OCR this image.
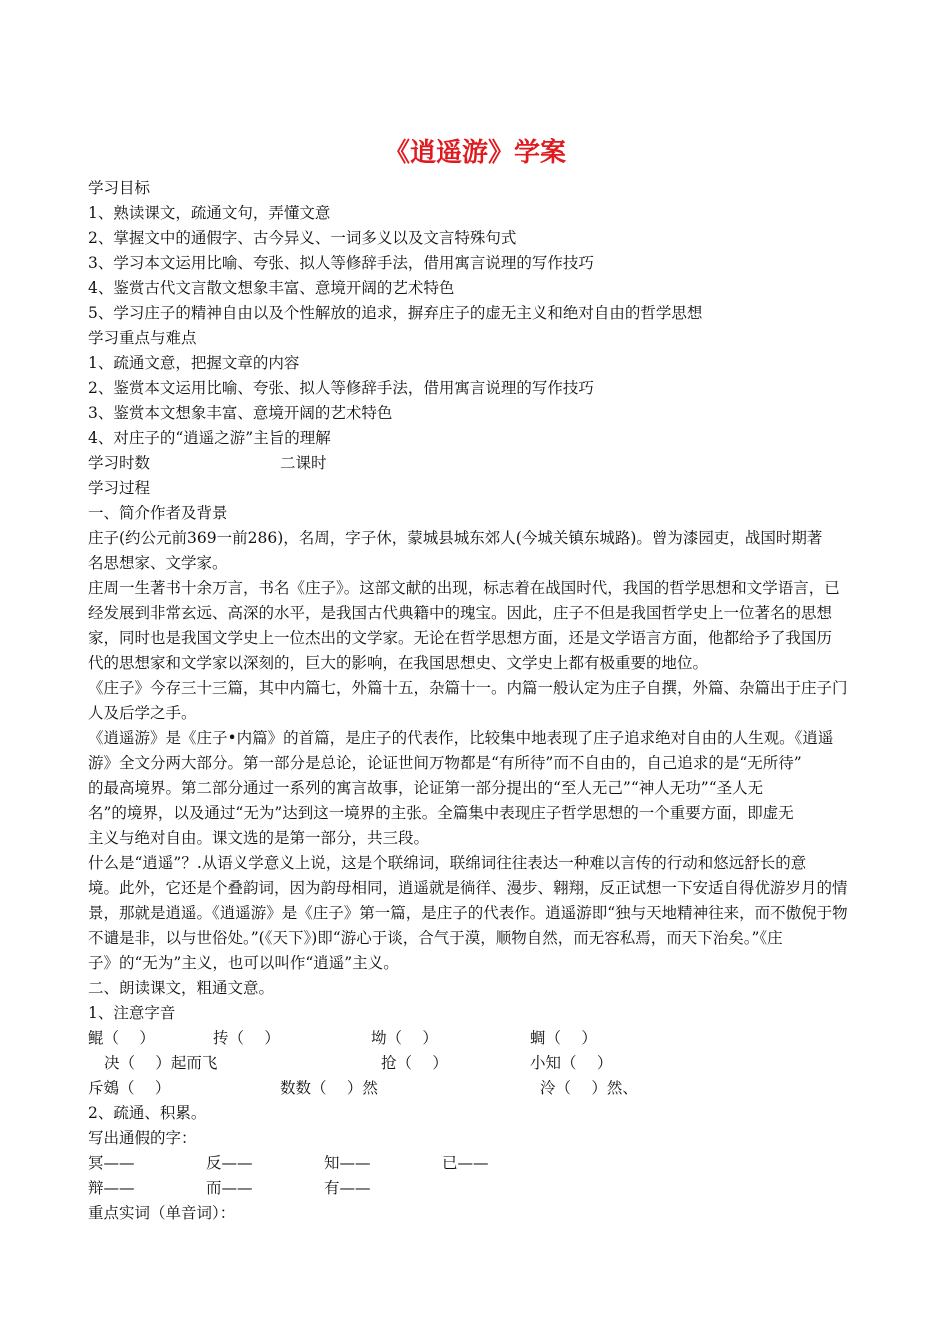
《逍遥游》学案
学习目标
1、熟读课文，疏通文句，弄懂文意
2、掌握文中的通假字、古今异义、一词多义以及文言特殊句式
3、学习本文运用比喻、夸张、拟人等修辞手法，借用寓言说理的写作技巧
4、鉴赏古代文言散文想象丰富、意境开阔的艺术特色
5、学习庄子的精神自由以及个性解放的追求，摒弃庄子的虚无主义和绝对自由的哲学思想
学习重点与难点
1、疏通文意，把握文章的内容
2、鉴赏本文运用比喻、夸张、拟人等修辞手法，借用寓言说理的写作技巧
3、鉴赏本文想象丰富、意境开阔的艺术特色
4、对庄子的“逍遥之游”主旨的理解
学习时数	二课时
学习过程
一、简介作者及背景
庄子(约公元前369一前286)，名周，字子休，蒙城县城东郊人(今城关镇东城路)。曾为漆园吏，战国时期著
名思想家、文学家。
庄周一生著书十余万言，书名《庄子》。这部文献的出现，标志着在战国时代，我国的哲学思想和文学语言，已
经发展到非常玄远、高深的水平，是我国古代典籍中的瑰宝。因此，庄子不但是我国哲学史上一位著名的思想
家，同时也是我国文学史上一位杰出的文学家。无论在哲学思想方面，还是文学语言方面，他都给予了我国历
代的思想家和文学家以深刻的，巨大的影响，在我国思想史、文学史上都有极重要的地位。
《庄子》今存三十三篇，其中内篇七，外篇十五，杂篇十一。内篇一般认定为庄子自撰，外篇、杂篇出于庄子门
人及后学之手。
《逍遥游》是《庄子•内篇》的首篇，是庄子的代表作，比较集中地表现了庄子追求绝对自由的人生观。《逍遥
游》全文分两大部分。第一部分是总论，论证世间万物都是“有所待”而不自由的，自己追求的是“无所待”
的最高境界。第二部分通过一系列的寓言故事，论证第一部分提出的“至人无己”“神人无功”“圣人无
名”的境界，以及通过“无为”达到这一境界的主张。全篇集中表现庄子哲学思想的一个重要方面，即虚无
主义与绝对自由。课文选的是第一部分，共三段。
什么是“逍遥”？.从语义学意义上说，这是个联绵词，联绵词往往表达一种难以言传的行动和悠远舒长的意
境。此外，它还是个叠韵词，因为韵母相同，逍遥就是徜徉、漫步、翱翔，反正试想一下安适自得优游岁月的情
景，那就是逍遥。《逍遥游》是《庄子》第一篇，是庄子的代表作。逍遥游即“独与天地精神往来，而不傲倪于物
不谴是非，以与世俗处。”(《天下》)即“游心于谈，合气于漠，顺物自然，而无容私焉，而天下治矣。”《庄
子》的“无为”主义，也可以叫作“逍遥”主义。
二、朗读课文，粗通文意。
1、注意字音
鲲（　 ）	抟（　 ）	坳（　 ）	蜩（　 ）
决（　 ）起而飞	抢（　 ）	小知（　 ）
斥鴳（　 ）	数数（　 ）然	泠（　 ）然、
2、疏通、积累。
写出通假的字：
冥——	反——	知——	已——
辩——	而——	有——
重点实词（单音词）：
